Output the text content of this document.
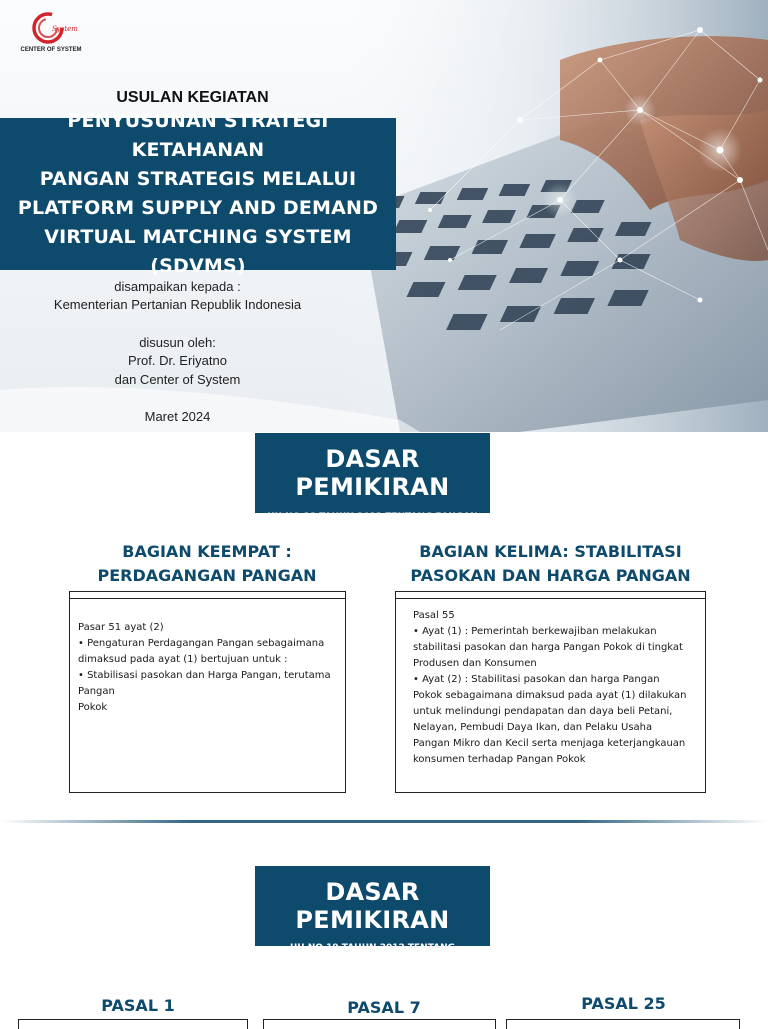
System
CENTER OF SYSTEM
USULAN KEGIATAN
PENYUSUNAN STRATEGI KETAHANAN
PANGAN STRATEGIS MELALUI
PLATFORM SUPPLY AND DEMAND
VIRTUAL MATCHING SYSTEM (SDVMS)
disampaikan kepada :
Kementerian Pertanian Republik Indonesia
disusun oleh:
Prof. Dr. Eriyatno
dan Center of System
Maret 2024
DASAR PEMIKIRAN
UU NO.18 TAHUN 2012 TENTANG PANGAN
BAGIAN KEEMPAT :
PERDAGANGAN PANGAN
BAGIAN KELIMA: STABILITASI
PASOKAN DAN HARGA PANGAN

Pasar 51 ayat (2)

• Pengaturan Perdagangan Pangan sebagaimana

dimaksud pada ayat (1) bertujuan untuk :

• Stabilisasi pasokan dan Harga Pangan, terutama

Pangan

Pokok

Pasal 55

• Ayat (1) : Pemerintah berkewajiban melakukan

stabilitasi pasokan dan harga Pangan Pokok di tingkat

Produsen dan Konsumen

• Ayat (2) : Stabilitasi pasokan dan harga Pangan

Pokok sebagaimana dimaksud pada ayat (1) dilakukan

untuk melindungi pendapatan dan daya beli Petani,

Nelayan, Pembudi Daya Ikan, dan Pelaku Usaha

Pangan Mikro dan Kecil serta menjaga keterjangkauan

konsumen terhadap Pangan Pokok

DASAR PEMIKIRAN
UU NO.19 TAHUN 2012 TENTANG PERLINDUNGAN DAN
PEMBERDAYAAN PETANI
PASAL 1	PASAL 7	PASAL 25
